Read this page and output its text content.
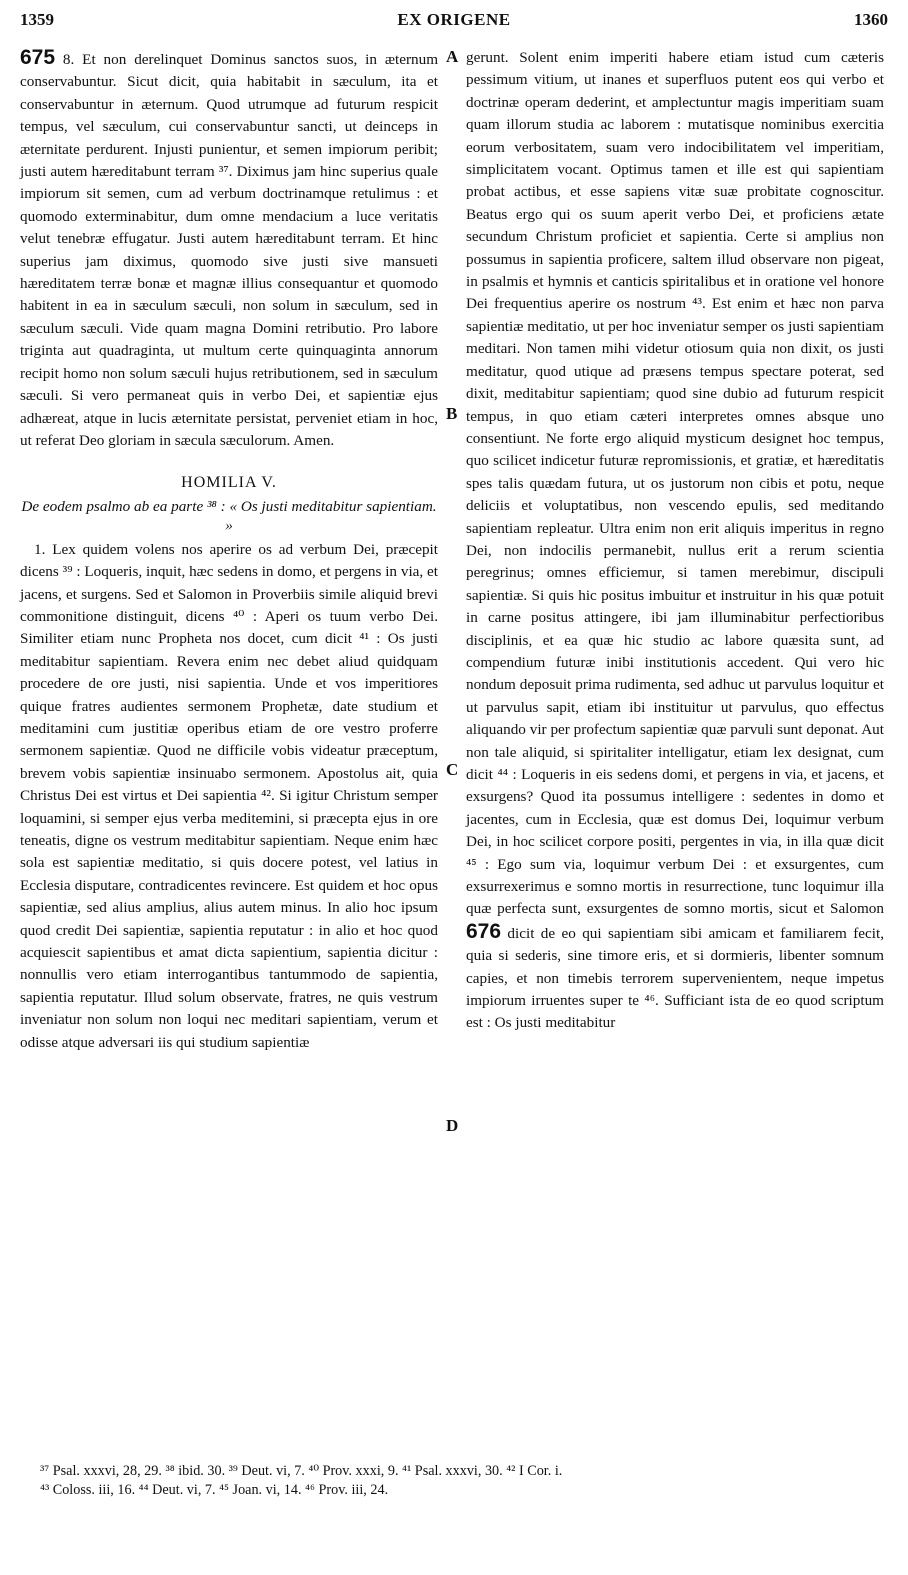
1359	EX ORIGENE	1360
A
B
C
D

675 8. Et non derelinquet Dominus sanctos suos, in æternum conservabuntur. Sicut dicit, quia habitabit in sæculum, ita et conservabuntur in æternum. Quod utrumque ad futurum respicit tempus, vel sæculum, cui conservabuntur sancti, ut deinceps in æternitate perdurent. Injusti punientur, et semen impiorum peribit; justi autem hæreditabunt terram ³⁷. Diximus jam hinc superius quale impiorum sit semen, cum ad verbum doctrinamque retulimus : et quomodo exterminabitur, dum omne mendacium a luce veritatis velut tenebræ effugatur. Justi autem hæreditabunt terram. Et hinc superius jam diximus, quomodo sive justi sive mansueti hæreditatem terræ bonæ et magnæ illius consequantur et quomodo habitent in ea in sæculum sæculi, non solum in sæculum, sed in sæculum sæculi. Vide quam magna Domini retributio. Pro labore triginta aut quadraginta, ut multum certe quinquaginta annorum recipit homo non solum sæculi hujus retributionem, sed in sæculum sæculi. Si vero permaneat quis in verbo Dei, et sapientiæ ejus adhæreat, atque in lucis æternitate persistat, perveniet etiam in hoc, ut referat Deo gloriam in sæcula sæculorum. Amen.

HOMILIA V.
De eodem psalmo ab ea parte ³⁸ : « Os justi meditabitur sapientiam. »

1. Lex quidem volens nos aperire os ad verbum Dei, præcepit dicens ³⁹ : Loqueris, inquit, hæc sedens in domo, et pergens in via, et jacens, et surgens. Sed et Salomon in Proverbiis simile aliquid brevi commonitione distinguit, dicens ⁴⁰ : Aperi os tuum verbo Dei. Similiter etiam nunc Propheta nos docet, cum dicit ⁴¹ : Os justi meditabitur sapientiam. Revera enim nec debet aliud quidquam procedere de ore justi, nisi sapientia. Unde et vos imperitiores quique fratres audientes sermonem Prophetæ, date studium et meditamini cum justitiæ operibus etiam de ore vestro proferre sermonem sapientiæ. Quod ne difficile vobis videatur præceptum, brevem vobis sapientiæ insinuabo sermonem. Apostolus ait, quia Christus Dei est virtus et Dei sapientia ⁴². Si igitur Christum semper loquamini, si semper ejus verba meditemini, si præcepta ejus in ore teneatis, digne os vestrum meditabitur sapientiam. Neque enim hæc sola est sapientiæ meditatio, si quis docere potest, vel latius in Ecclesia disputare, contradicentes revincere. Est quidem et hoc opus sapientiæ, sed alius amplius, alius autem minus. In alio hoc ipsum quod credit Dei sapientiæ, sapientia reputatur : in alio et hoc quod acquiescit sapientibus et amat dicta sapientium, sapientia dicitur : nonnullis vero etiam interrogantibus tantummodo de sapientia, sapientia reputatur. Illud solum observate, fratres, ne quis vestrum inveniatur non solum non loqui nec meditari sapientiam, verum et odisse atque adversari iis qui studium sapientiæ

gerunt. Solent enim imperiti habere etiam istud cum cæteris pessimum vitium, ut inanes et superfluos putent eos qui verbo et doctrinæ operam dederint, et amplectuntur magis imperitiam suam quam illorum studia ac laborem : mutatisque nominibus exercitia eorum verbositatem, suam vero indocibilitatem vel imperitiam, simplicitatem vocant. Optimus tamen et ille est qui sapientiam probat actibus, et esse sapiens vitæ suæ probitate cognoscitur. Beatus ergo qui os suum aperit verbo Dei, et proficiens ætate secundum Christum proficiet et sapientia. Certe si amplius non possumus in sapientia proficere, saltem illud observare non pigeat, in psalmis et hymnis et canticis spiritalibus et in oratione vel honore Dei frequentius aperire os nostrum ⁴³. Est enim et hæc non parva sapientiæ meditatio, ut per hoc inveniatur semper os justi sapientiam meditari. Non tamen mihi videtur otiosum quia non dixit, os justi meditatur, quod utique ad præsens tempus spectare poterat, sed dixit, meditabitur sapientiam; quod sine dubio ad futurum respicit tempus, in quo etiam cæteri interpretes omnes absque uno consentiunt. Ne forte ergo aliquid mysticum designet hoc tempus, quo scilicet indicetur futuræ repromissionis, et gratiæ, et hæreditatis spes talis quædam futura, ut os justorum non cibis et potu, neque deliciis et voluptatibus, non vescendo epulis, sed meditando sapientiam repleatur. Ultra enim non erit aliquis imperitus in regno Dei, non indocilis permanebit, nullus erit a rerum scientia peregrinus; omnes efficiemur, si tamen merebimur, discipuli sapientiæ. Si quis hic positus imbuitur et instruitur in his quæ potuit in carne positus attingere, ibi jam illuminabitur perfectioribus disciplinis, et ea quæ hic studio ac labore quæsita sunt, ad compendium futuræ inibi institutionis accedent. Qui vero hic nondum deposuit prima rudimenta, sed adhuc ut parvulus loquitur et ut parvulus sapit, etiam ibi instituitur ut parvulus, quo effectus aliquando vir per profectum sapientiæ quæ parvuli sunt deponat. Aut non tale aliquid, si spiritaliter intelligatur, etiam lex designat, cum dicit ⁴⁴ : Loqueris in eis sedens domi, et pergens in via, et jacens, et exsurgens? Quod ita possumus intelligere : sedentes in domo et jacentes, cum in Ecclesia, quæ est domus Dei, loquimur verbum Dei, in hoc scilicet corpore positi, pergentes in via, in illa quæ dicit ⁴⁵ : Ego sum via, loquimur verbum Dei : et exsurgentes, cum exsurrexerimus e somno mortis in resurrectione, tunc loquimur illa quæ perfecta sunt, exsurgentes de somno mortis, sicut et Salomon 676 dicit de eo qui sapientiam sibi amicam et familiarem fecit, quia si sederis, sine timore eris, et si dormieris, libenter somnum capies, et non timebis terrorem supervenientem, neque impetus impiorum irruentes super te ⁴⁶. Sufficiant ista de eo quod scriptum est : Os justi meditabitur

³⁷ Psal. xxxvi, 28, 29. ³⁸ ibid. 30. ³⁹ Deut. vi, 7. ⁴⁰ Prov. xxxi, 9. ⁴¹ Psal. xxxvi, 30. ⁴² I Cor. i.
⁴³ Coloss. iii, 16. ⁴⁴ Deut. vi, 7. ⁴⁵ Joan. vi, 14. ⁴⁶ Prov. iii, 24.
